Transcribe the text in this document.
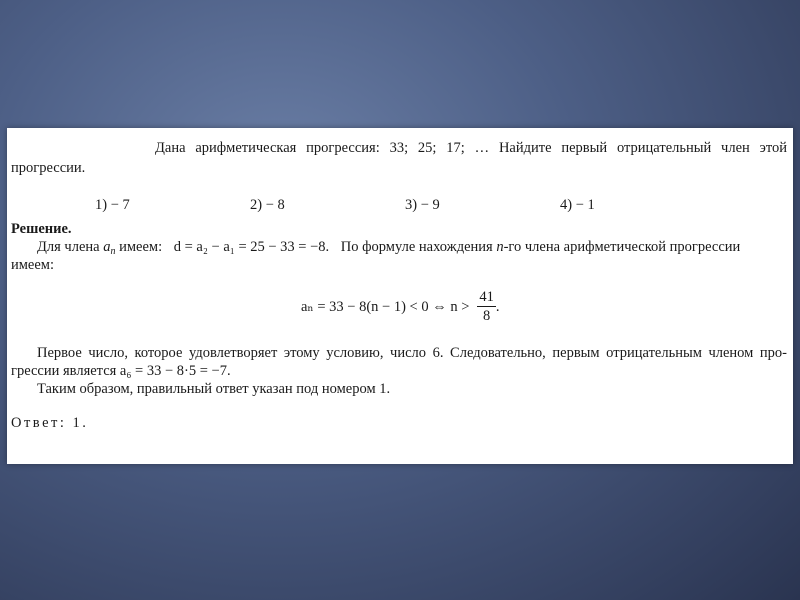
Дана арифметическая прогрессия: 33; 25; 17; … Найдите первый отрицательный член этой
прогрессии.
1) − 7	2) − 8	3) − 9	4) − 1
Решение.
Для члена $a_n$ имеем: d = a₂ − a₁ = 25 − 33 = −8. По формуле нахождения n-го члена арифметической прогрессии
имеем:
aₙ = 33 − 8(n − 1) < 0 ⇔ $n > \frac{41}{8}$ .
Первое число, которое удовлетворяет этому условию, число 6. Следовательно, первым отрицательным членом про-
грессии является a₆ = 33 − 8·5 = −7.
Таким образом, правильный ответ указан под номером 1.
Ответ: 1.
